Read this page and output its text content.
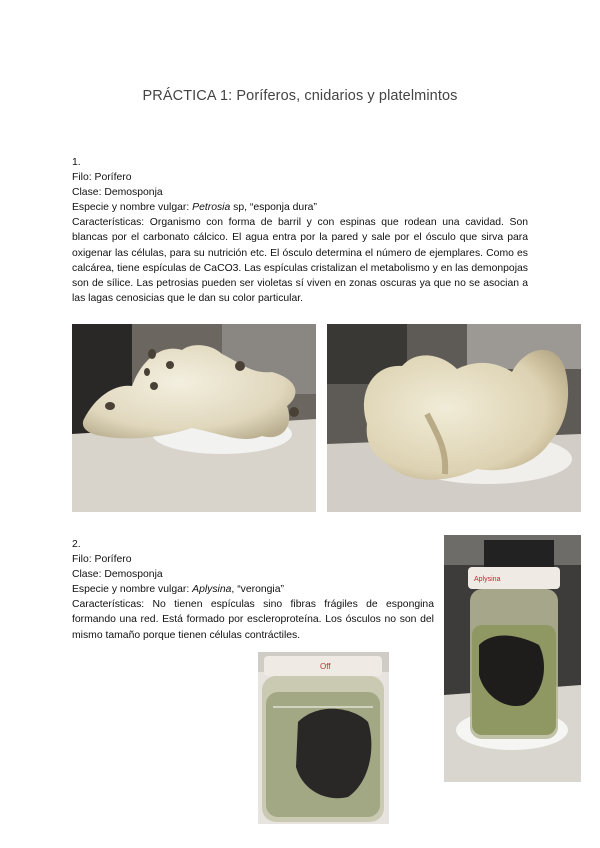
PRÁCTICA 1: Poríferos, cnidarios y platelmintos

1.

Filo: Porífero

Clase: Demosponja

Especie y nombre vulgar: Petrosia sp, “esponja dura”

Características: Organismo con forma de barril y con espinas que rodean una cavidad. Son blancas por el carbonato cálcico. El agua entra por la pared y sale por el ósculo que sirva para oxigenar las células, para su nutrición etc. El ósculo determina el número de ejemplares. Como es calcárea, tiene espículas de CaCO3. Las espículas cristalizan el metabolismo y en las demonpojas son de sílice. Las petrosias pueden ser violetas sí viven en zonas oscuras ya que no se asocian a las lagas cenosicias que le dan su color particular.

2.

Filo: Porífero

Clase: Demosponja

Especie y nombre vulgar: Aplysina, “verongia”

Características: No tienen espículas sino fibras frágiles de espongina formando una red. Está formado por escleroproteína. Los ósculos no son del mismo tamaño porque tienen células contráctiles.

Aplysina
Off
